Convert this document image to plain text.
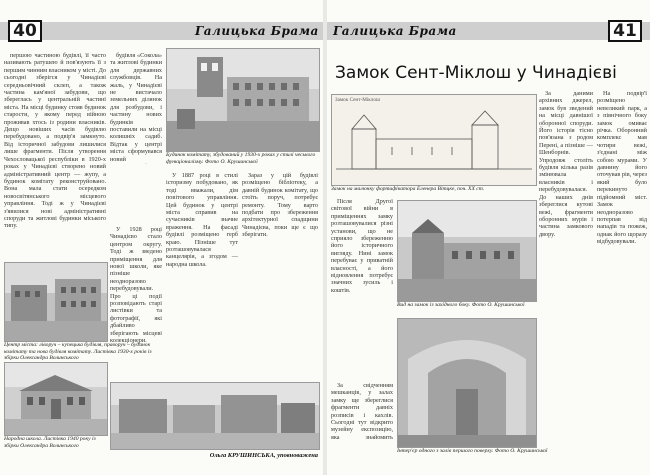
40	Галицька Брама

першою частиною будівлі, її часто називають ратушею й пов'язують її з першим чинним власником у місті. До сьогодні зберігся у Чинадієві середньовічний склеп, а також частина кам'яної забудови, що збереглась у центральній частині міста. На місці будинку стояв будинок старости, у якому перед війною проживав хтось із родини власників. Дещо новіших часів будівлю перебудовано, а подвір'я замкнуто. Від історичної забудови лишилися лише фрагменти. Після утворення Чехословацької республіки в 1920-х роках у Чинадієві створено новий адміністративний центр — жупу, а будинок комітату реконструйовано. Вона мала стати осередком новосвітянського місцевого управління. Тоді ж у Чинадієві з'явилися нові адміністративні споруди та житлові будинки міського типу.

будівля «Сокола» та житлові будинки для державних службовців. На жаль, у Чинадієві не вистачало земельних ділянок для розбудови, і частину нових будинків поставили на місці колишніх садиб. Відтак у центрі міста сформувався новий

Будинок комітату, збудований у 1930-х роках у стилі чеського функціоналізму. Фото О. Крушинської

У 1887 році в стилі історизму побудовано, як тоді вважали, дім повітового управління. Цей будинок у центрі міста справив на сучасників значне враження. На фасаді будівлі розміщено герб краю. Пізніше тут розташовувалася канцелярія, а згодом — народна школа.

Зараз у цій будівлі розміщено бібліотеку, а давній будинок комітату, що стоїть поруч, потребує ремонту. Тому варто подбати про збереження архітектурної спадщини Чинадієва, поки ще є що зберігати.

Центр міста: ліворуч – купецька будівля, праворуч – будинок комітату та нова будівля комітату. Листівка 1930-х років із збірки Олександра Волинського

У 1928 році Чинадієво стало центром округу. Тоді ж зведено приміщення для нової школи, яке пізніше неодноразово перебудовували. Про ці події розповідають старі листівки та фотографії, які дбайливо зберігають місцеві колекціонери.

Народна школа. Листівка 1940 року із збірки Олександра Волинського
Ольга КРУШИНСЬКА, уповноважена
Галицька Брама	41
Замок Сент-Міклош у Чинадієві
Замок Сент-Міклош
Замок на малюнку фортифікатора Еленера Вітцке, поч. ХХ ст.

За даними архівних джерел, замок був зведений на місці давнішої оборонної споруди. Його історія тісно пов'язана з родом Перені, а пізніше — Шенборнів. Упродовж століть будівля кілька разів змінювала власників і перебудовувалася. До наших днів збереглися кутові вежі, фрагменти оборонних мурів і частина замкового двору.

На подвір'ї розміщено невеликий парк, а з північного боку замок омиває річка. Оборонний комплекс мав чотири вежі, з'єднані між собою мурами. У давнину його оточував рів, через який було перекинуто підйомний міст. Замок неодноразово потерпав від нападів та пожеж, однак його щоразу відбудовували.

Після Другої світової війни в приміщеннях замку розташовувалися різні установи, що не сприяло збереженню його історичного вигляду. Нині замок перебуває у приватній власності, а його відновлення потребує значних зусиль і коштів.

Вид на замок із західного боку. Фото О. Крушинської

За свідченням мешканців, у залах замку ще збереглися фрагменти давніх розписів і кахлів. Сьогодні тут відкрито музейну експозицію, яка знайомить

Інтер'єр одного з залів першого поверху. Фото О. Крушинської
